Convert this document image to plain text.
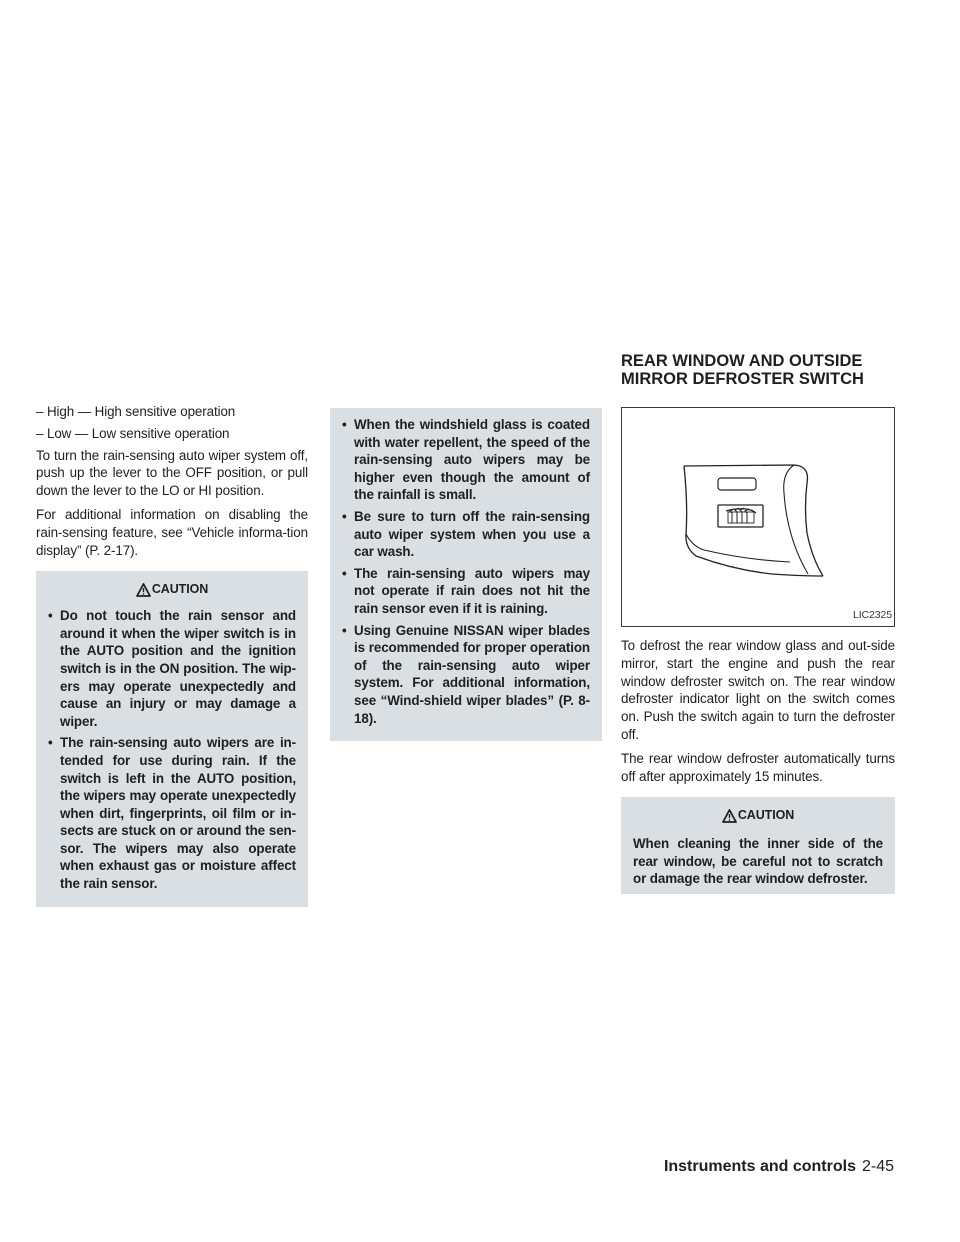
– High — High sensitive operation

– Low — Low sensitive operation

To turn the rain-sensing auto wiper system off, push up the lever to the OFF position, or pull down the lever to the LO or HI position.

For additional information on disabling the rain-sensing feature, see “Vehicle informa-tion display” (P. 2-17).

CAUTION
• Do not touch the rain sensor and around it when the wiper switch is in the AUTO position and the ignition switch is in the ON position. The wip-ers may operate unexpectedly and cause an injury or may damage a wiper.
• The rain-sensing auto wipers are in-tended for use during rain. If the switch is left in the AUTO position, the wipers may operate unexpectedly when dirt, fingerprints, oil film or in-sects are stuck on or around the sen-sor. The wipers may also operate when exhaust gas or moisture affect the rain sensor.
• When the windshield glass is coated with water repellent, the speed of the rain-sensing auto wipers may be higher even though the amount of the rainfall is small.
• Be sure to turn off the rain-sensing auto wiper system when you use a car wash.
• The rain-sensing auto wipers may not operate if rain does not hit the rain sensor even if it is raining.
• Using Genuine NISSAN wiper blades is recommended for proper operation of the rain-sensing auto wiper system. For additional information, see “Wind-shield wiper blades” (P. 8-18).
REAR WINDOW AND OUTSIDE
MIRROR DEFROSTER SWITCH
LIC2325

To defrost the rear window glass and out-side mirror, start the engine and push the rear window defroster switch on. The rear window defroster indicator light on the switch comes on. Push the switch again to turn the defroster off.

The rear window defroster automatically turns off after approximately 15 minutes.

CAUTION
When cleaning the inner side of the rear window, be careful not to scratch or damage the rear window defroster.
Instruments and controls 2-45
